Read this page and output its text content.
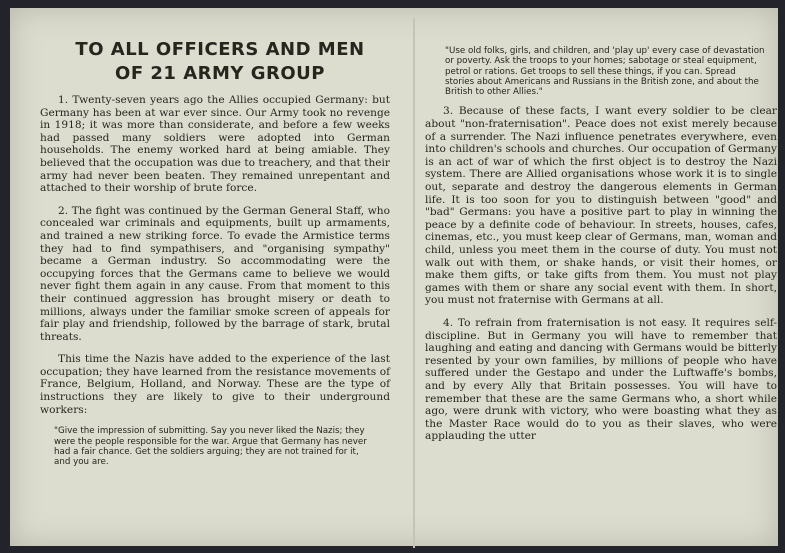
TO ALL OFFICERS AND MEN
OF 21 ARMY GROUP

1. Twenty-seven years ago the Allies occupied Germany: but Germany has been at war ever since. Our Army took no revenge in 1918; it was more than considerate, and before a few weeks had passed many soldiers were adopted into German households. The enemy worked hard at being amiable. They believed that the occupation was due to treachery, and that their army had never been beaten. They remained unrepentant and attached to their worship of brute force.

2. The fight was continued by the German General Staff, who concealed war criminals and equipments, built up armaments, and trained a new striking force. To evade the Armistice terms they had to find sympathisers, and "organising sympathy" became a German industry. So accommodating were the occupying forces that the Germans came to believe we would never fight them again in any cause. From that moment to this their continued aggression has brought misery or death to millions, always under the familiar smoke screen of appeals for fair play and friendship, followed by the barrage of stark, brutal threats.

This time the Nazis have added to the experience of the last occupation; they have learned from the resistance movements of France, Belgium, Holland, and Norway. These are the type of instructions they are likely to give to their underground workers:

"Give the impression of submitting. Say you never liked the Nazis; they were the people responsible for the war. Argue that Germany has never had a fair chance. Get the soldiers arguing; they are not trained for it, and you are.

"Use old folks, girls, and children, and 'play up' every case of devastation or poverty. Ask the troops to your homes; sabotage or steal equipment, petrol or rations. Get troops to sell these things, if you can. Spread stories about Americans and Russians in the British zone, and about the British to other Allies."

3. Because of these facts, I want every soldier to be clear about "non-fraternisation". Peace does not exist merely because of a surrender. The Nazi influence penetrates everywhere, even into children's schools and churches. Our occupation of Germany is an act of war of which the first object is to destroy the Nazi system. There are Allied organisations whose work it is to single out, separate and destroy the dangerous elements in German life. It is too soon for you to distinguish between "good" and "bad" Germans: you have a positive part to play in winning the peace by a definite code of behaviour. In streets, houses, cafes, cinemas, etc., you must keep clear of Germans, man, woman and child, unless you meet them in the course of duty. You must not walk out with them, or shake hands, or visit their homes, or make them gifts, or take gifts from them. You must not play games with them or share any social event with them. In short, you must not fraternise with Germans at all.

4. To refrain from fraternisation is not easy. It requires self-discipline. But in Germany you will have to remember that laughing and eating and dancing with Germans would be bitterly resented by your own families, by millions of people who have suffered under the Gestapo and under the Luftwaffe's bombs, and by every Ally that Britain possesses. You will have to remember that these are the same Germans who, a short while ago, were drunk with victory, who were boasting what they as the Master Race would do to you as their slaves, who were applauding the utter
